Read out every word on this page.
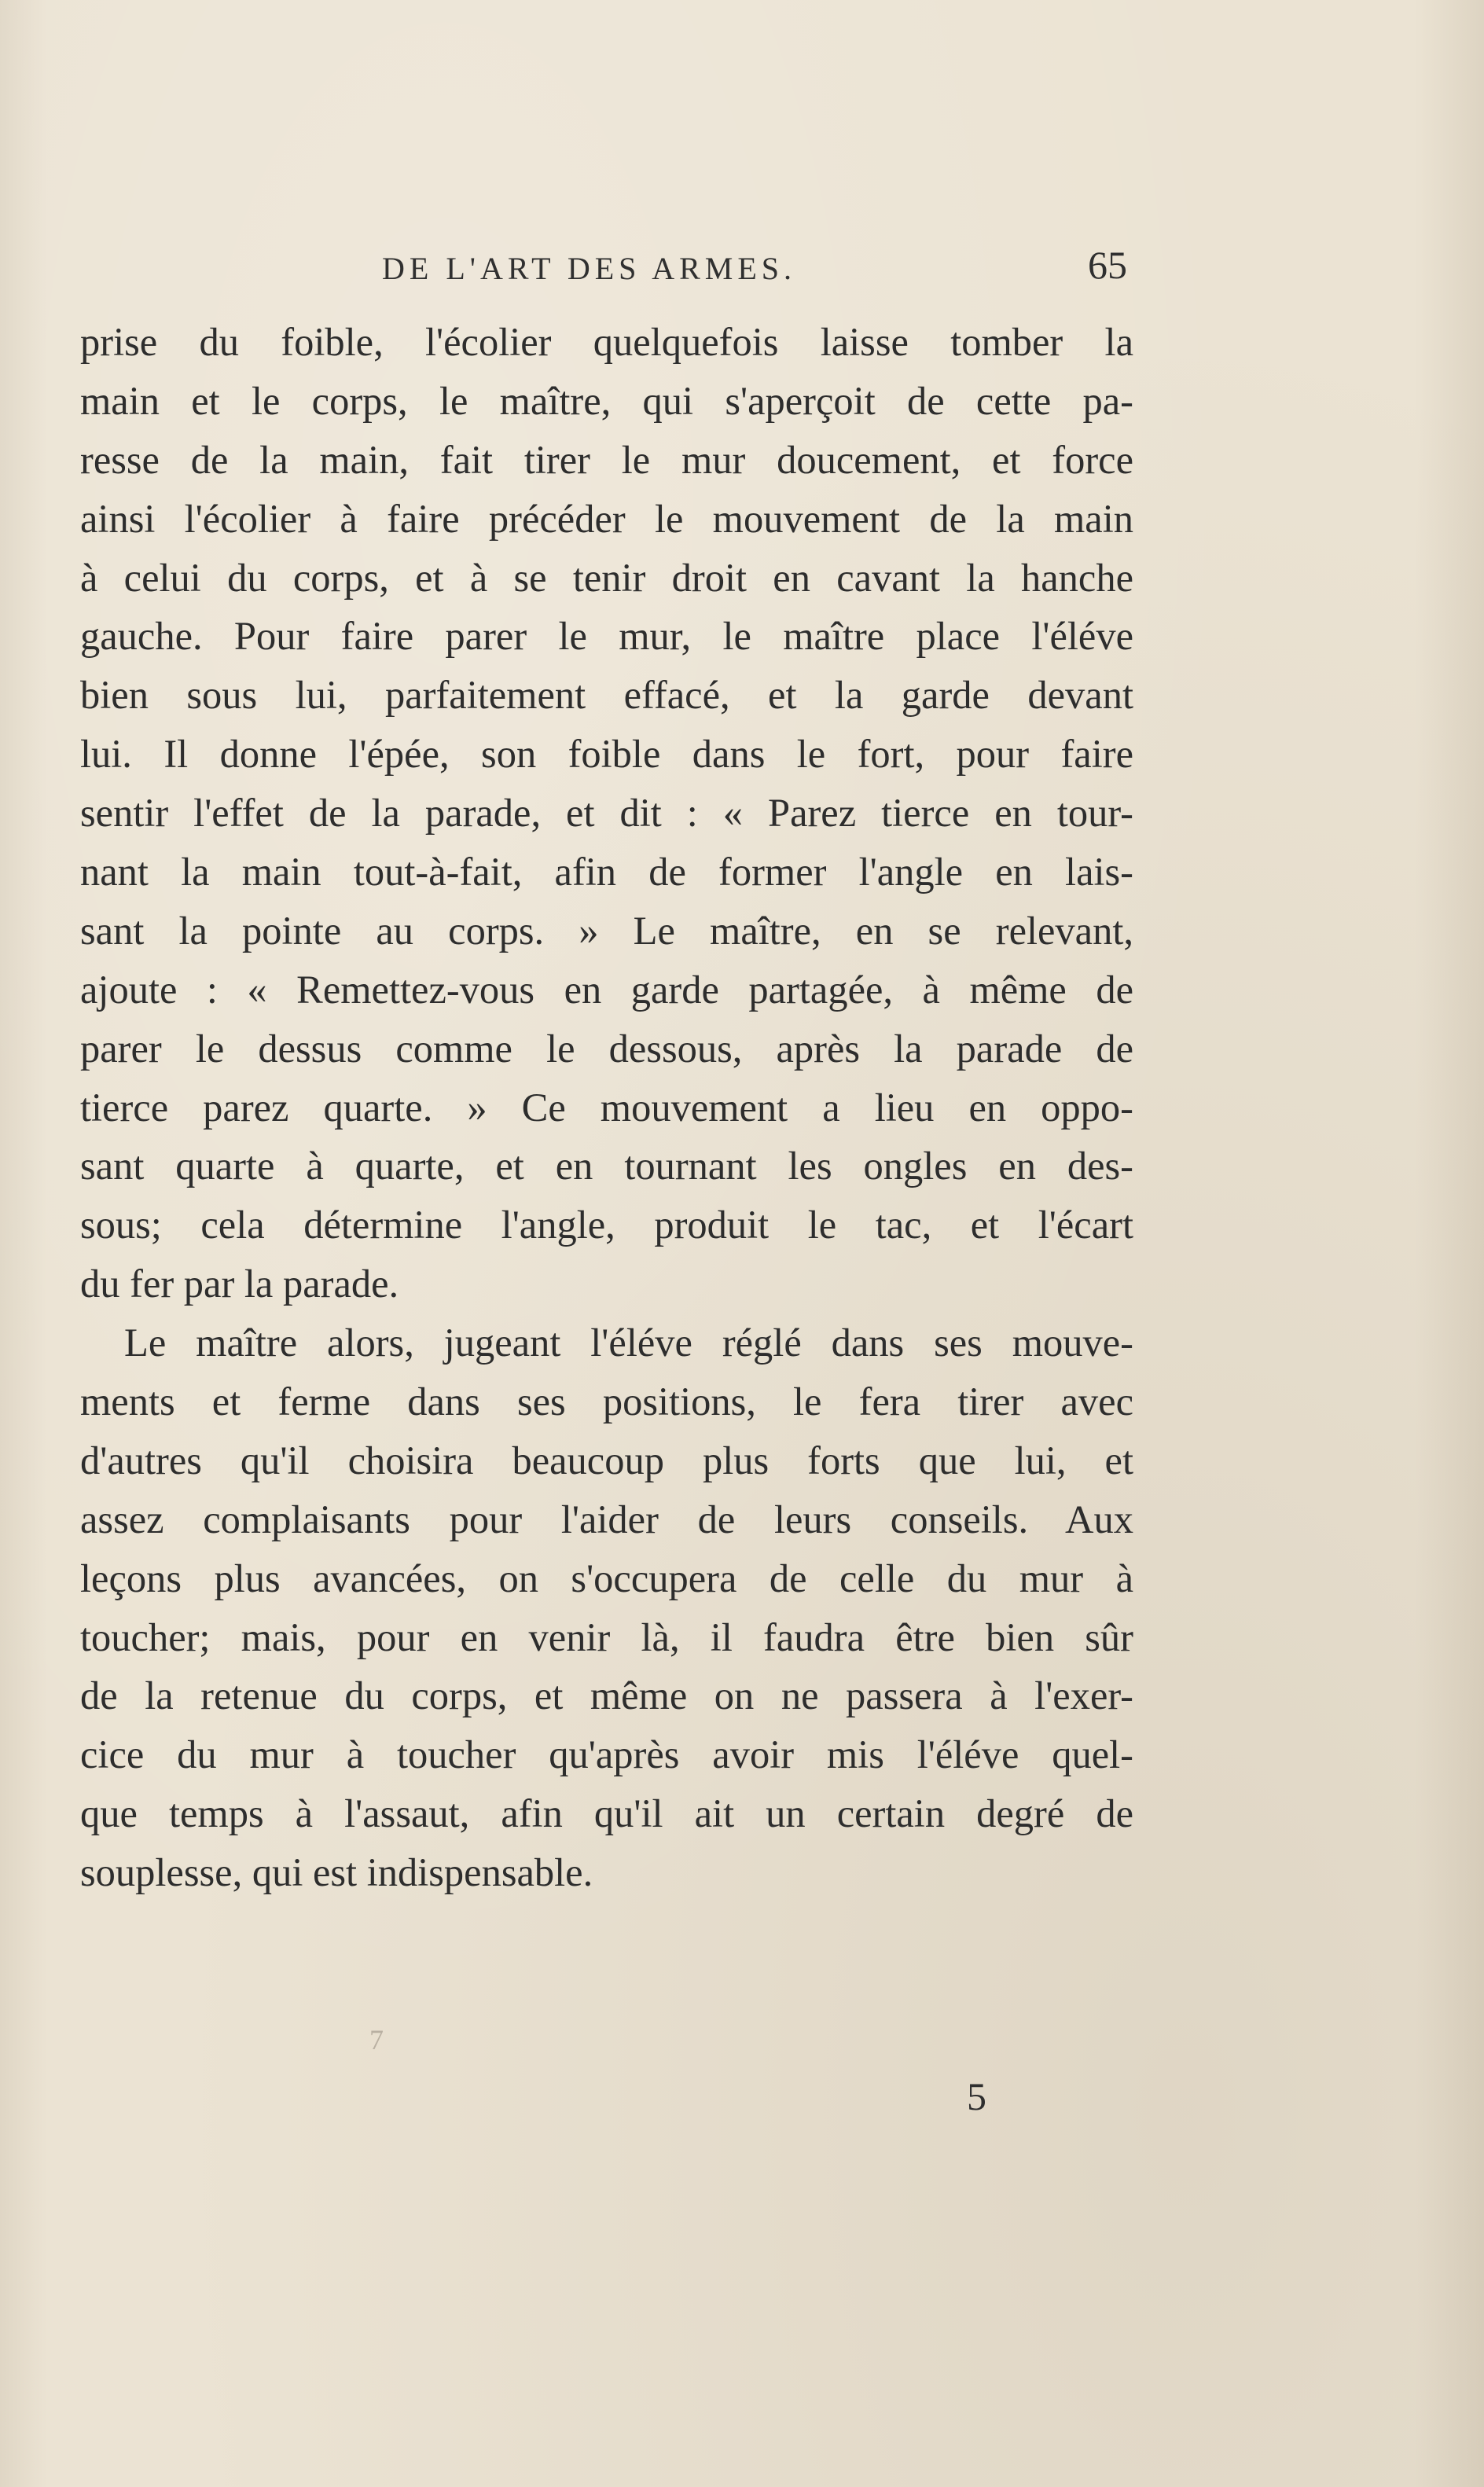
DE L'ART DES ARMES.	65
prise du foible, l'écolier quelquefois laisse tomber la
main et le corps, le maître, qui s'aperçoit de cette pa-
resse de la main, fait tirer le mur doucement, et force
ainsi l'écolier à faire précéder le mouvement de la main
à celui du corps, et à se tenir droit en cavant la hanche
gauche. Pour faire parer le mur, le maître place l'éléve
bien sous lui, parfaitement effacé, et la garde devant
lui. Il donne l'épée, son foible dans le fort, pour faire
sentir l'effet de la parade, et dit : « Parez tierce en tour-
nant la main tout-à-fait, afin de former l'angle en lais-
sant la pointe au corps. » Le maître, en se relevant,
ajoute : « Remettez-vous en garde partagée, à même de
parer le dessus comme le dessous, après la parade de
tierce parez quarte. » Ce mouvement a lieu en oppo-
sant quarte à quarte, et en tournant les ongles en des-
sous; cela détermine l'angle, produit le tac, et l'écart
du fer par la parade.
Le maître alors, jugeant l'éléve réglé dans ses mouve-
ments et ferme dans ses positions, le fera tirer avec
d'autres qu'il choisira beaucoup plus forts que lui, et
assez complaisants pour l'aider de leurs conseils. Aux
leçons plus avancées, on s'occupera de celle du mur à
toucher; mais, pour en venir là, il faudra être bien sûr
de la retenue du corps, et même on ne passera à l'exer-
cice du mur à toucher qu'après avoir mis l'éléve quel-
que temps à l'assaut, afin qu'il ait un certain degré de
souplesse, qui est indispensable.
7
5
